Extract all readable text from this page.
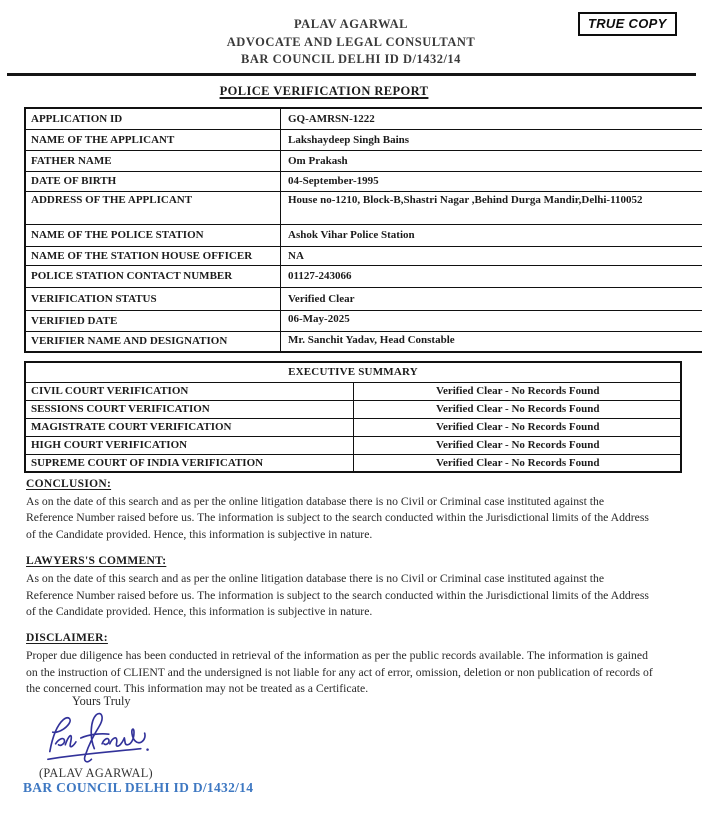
PALAV AGARWAL
ADVOCATE AND LEGAL CONSULTANT
BAR COUNCIL DELHI ID D/1432/14
TRUE COPY
POLICE VERIFICATION REPORT
APPLICATION ID	GQ-AMRSN-1222
NAME OF THE APPLICANT	Lakshaydeep Singh Bains
FATHER NAME	Om Prakash
DATE OF BIRTH	04-September-1995
ADDRESS OF THE APPLICANT	House no-1210, Block-B,Shastri Nagar ,Behind Durga Mandir,Delhi-110052
NAME OF THE POLICE STATION	Ashok Vihar Police Station
NAME OF THE STATION HOUSE OFFICER	NA
POLICE STATION CONTACT NUMBER	01127-243066
VERIFICATION STATUS	Verified Clear
VERIFIED DATE	06-May-2025
VERIFIER NAME AND DESIGNATION	Mr. Sanchit Yadav, Head Constable
EXECUTIVE SUMMARY	
CIVIL COURT VERIFICATION	Verified Clear - No Records Found
SESSIONS COURT VERIFICATION	Verified Clear - No Records Found
MAGISTRATE COURT VERIFICATION	Verified Clear - No Records Found
HIGH COURT VERIFICATION	Verified Clear - No Records Found
SUPREME COURT OF INDIA VERIFICATION	Verified Clear - No Records Found
CONCLUSION:

As on the date of this search and as per the online litigation database there is no Civil or Criminal case instituted against the Reference Number raised before us. The information is subject to the search conducted within the Jurisdictional limits of the Address of the Candidate provided. Hence, this information is subjective in nature.

LAWYERS'S COMMENT:

As on the date of this search and as per the online litigation database there is no Civil or Criminal case instituted against the Reference Number raised before us. The information is subject to the search conducted within the Jurisdictional limits of the Address of the Candidate provided. Hence, this information is subjective in nature.

DISCLAIMER:

Proper due diligence has been conducted in retrieval of the information as per the public records available. The information is gained on the instruction of CLIENT and the undersigned is not liable for any act of error, omission, deletion or non publication of records of the concerned court. This information may not be treated as a Certificate.

Yours Truly
(PALAV AGARWAL)
BAR COUNCIL DELHI ID D/1432/14
